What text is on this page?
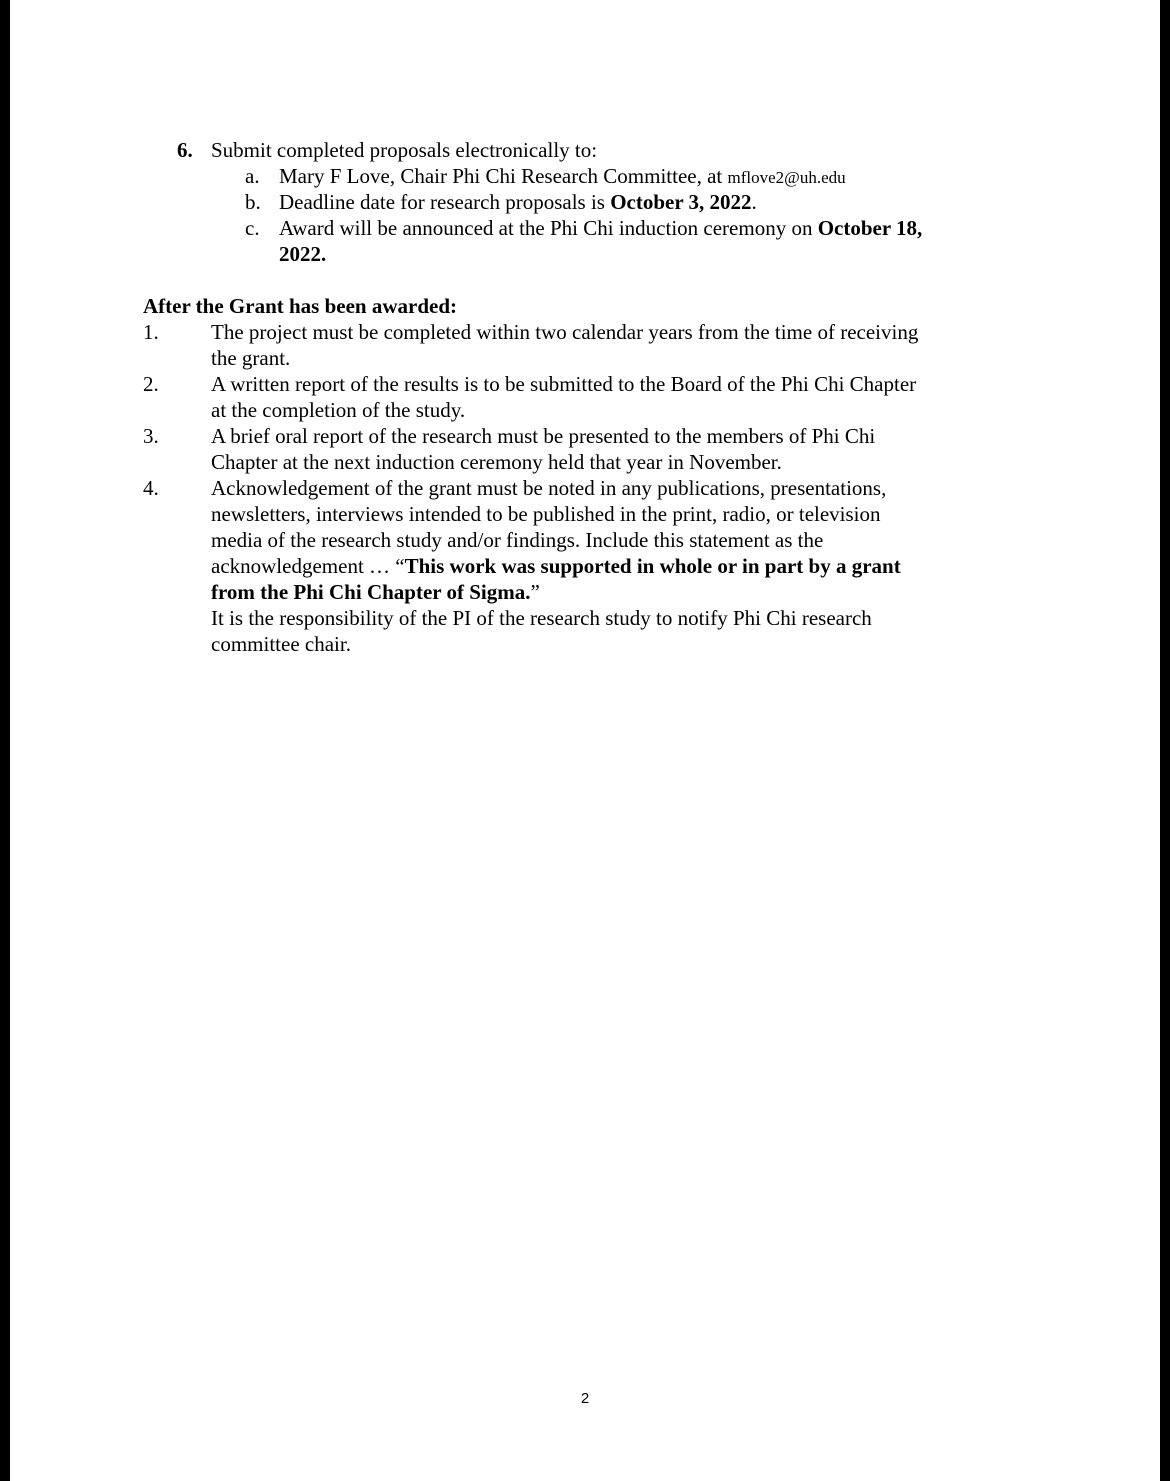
6. Submit completed proposals electronically to:
a. Mary F Love, Chair Phi Chi Research Committee, at mflove2@uh.edu
b. Deadline date for research proposals is October 3, 2022.
c. Award will be announced at the Phi Chi induction ceremony on October 18,
2022.
After the Grant has been awarded:
1. The project must be completed within two calendar years from the time of receiving
the grant.
2. A written report of the results is to be submitted to the Board of the Phi Chi Chapter
at the completion of the study.
3. A brief oral report of the research must be presented to the members of Phi Chi
Chapter at the next induction ceremony held that year in November.
4. Acknowledgement of the grant must be noted in any publications, presentations,
newsletters, interviews intended to be published in the print, radio, or television
media of the research study and/or findings. Include this statement as the
acknowledgement … “This work was supported in whole or in part by a grant
from the Phi Chi Chapter of Sigma.”
It is the responsibility of the PI of the research study to notify Phi Chi research
committee chair.
2
